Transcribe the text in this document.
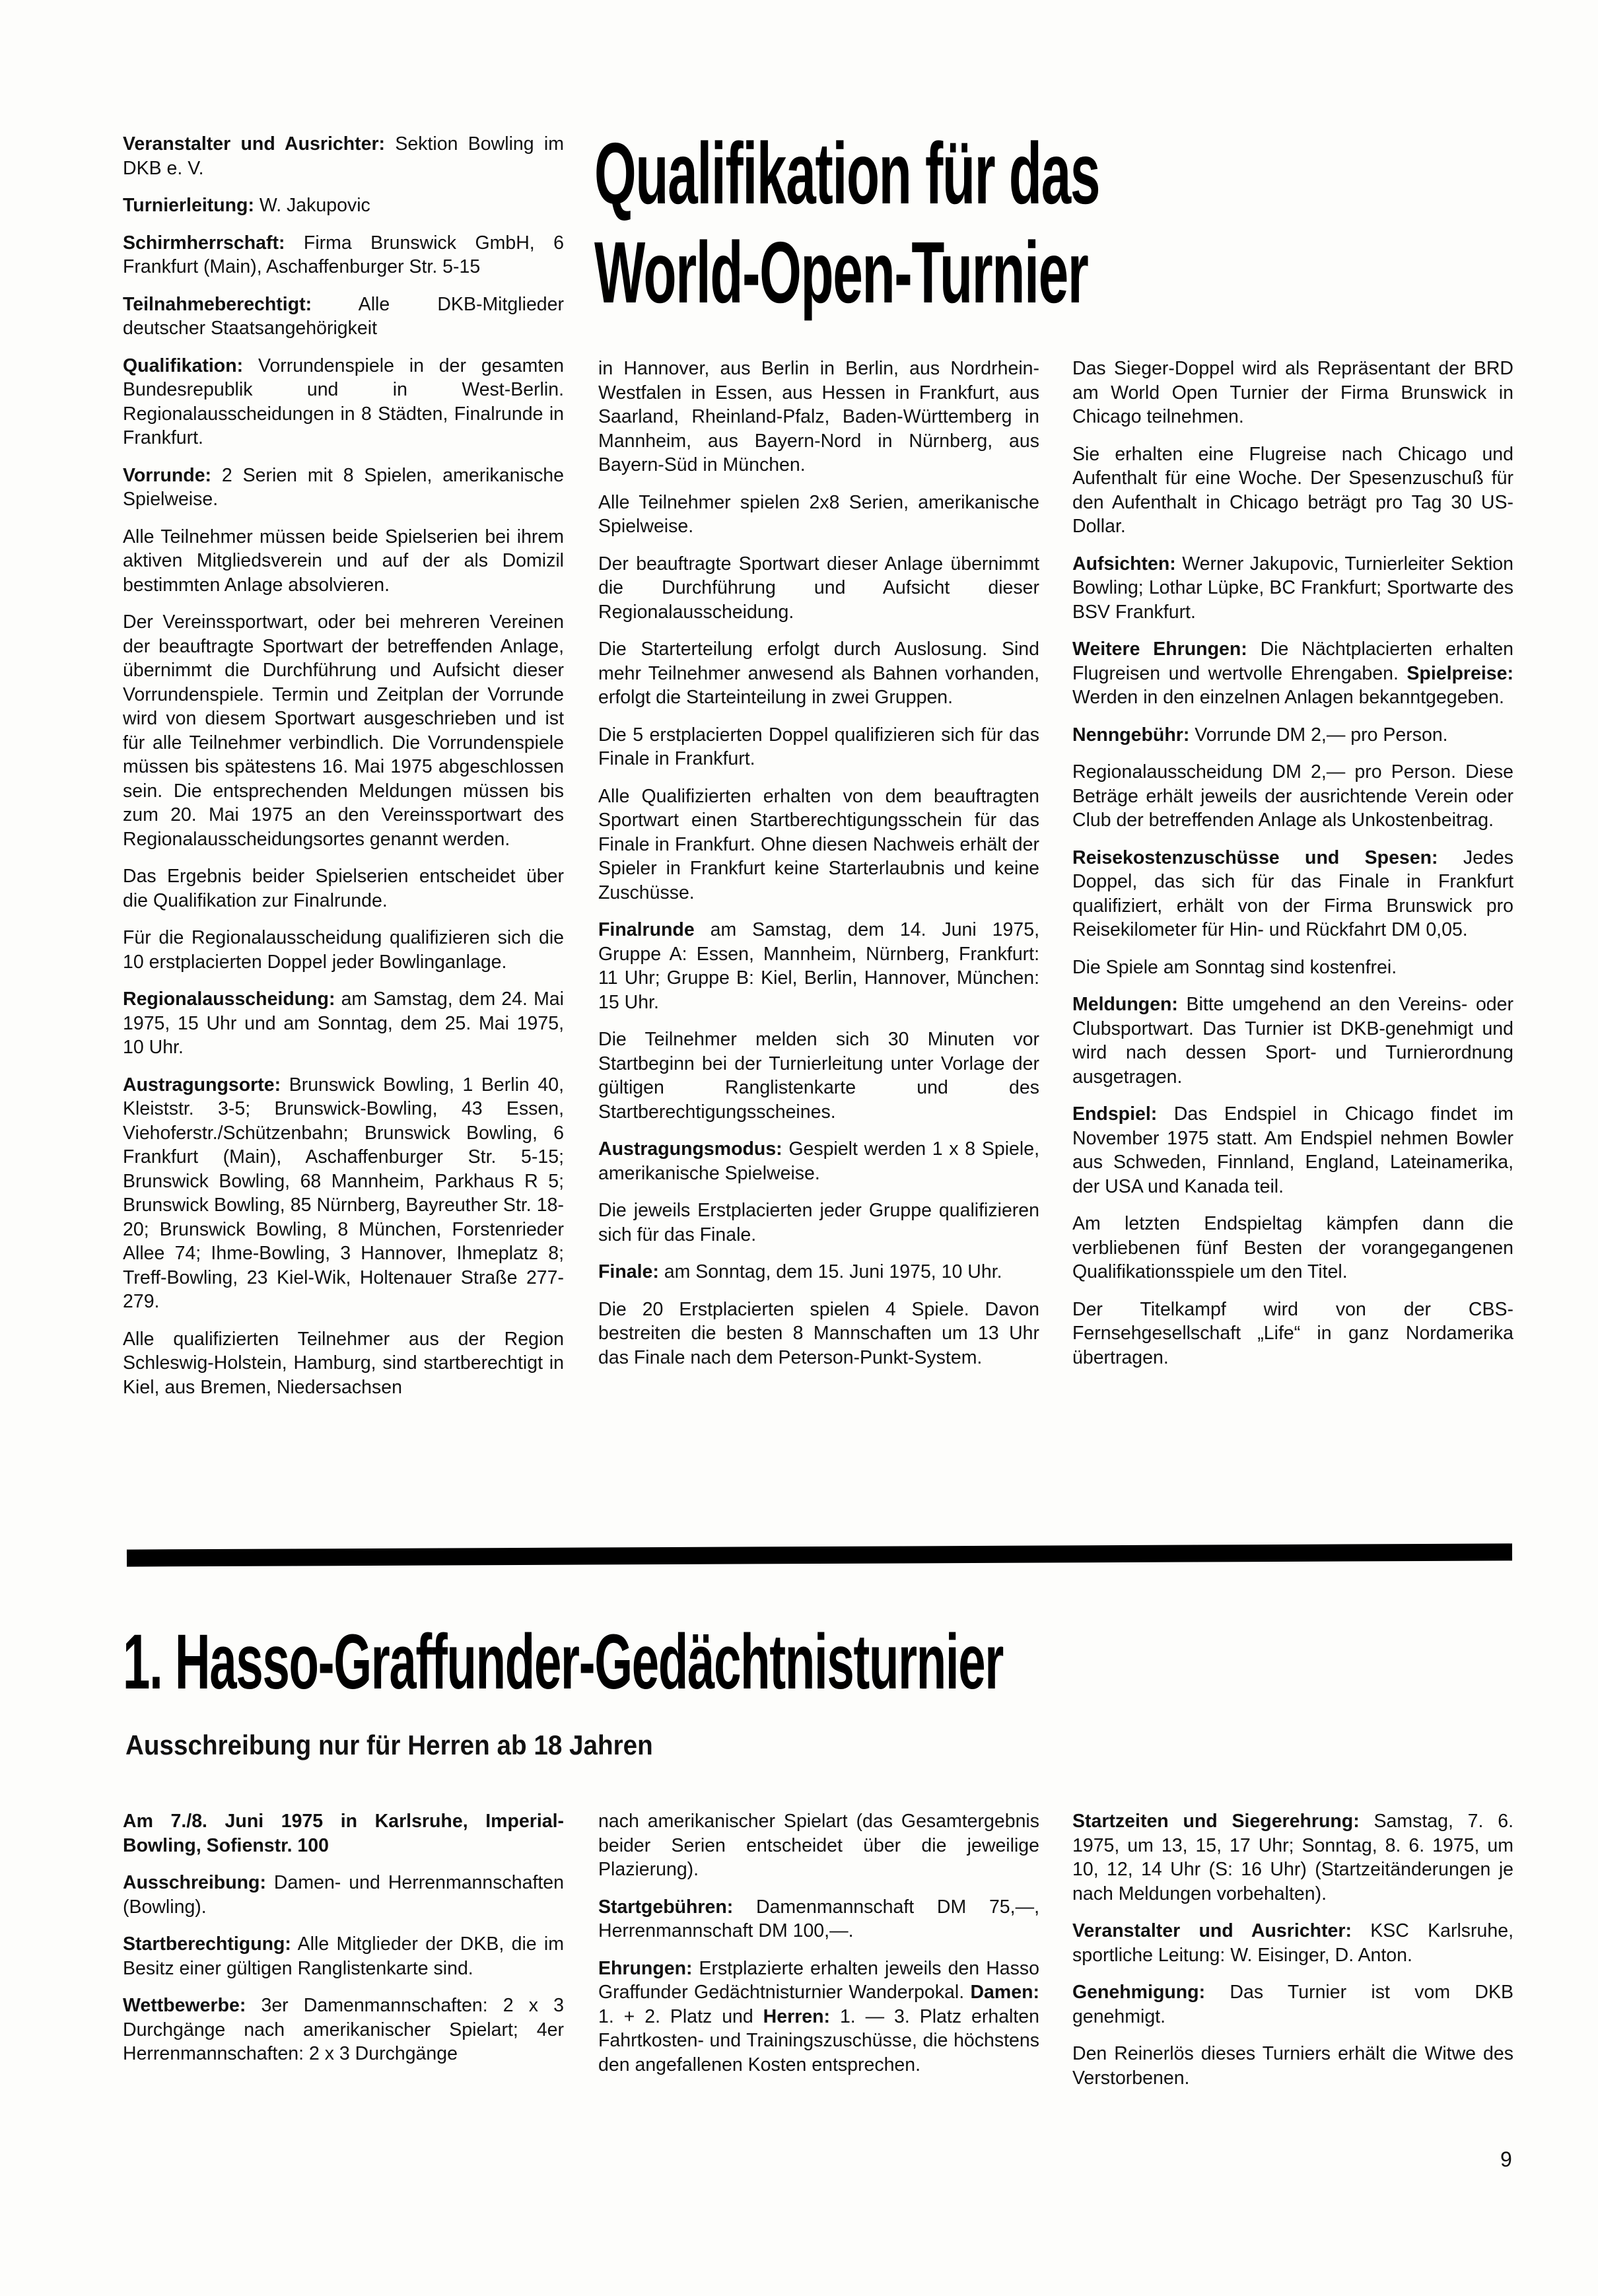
Qualifikation für das
World-Open-Turnier

Veranstalter und Ausrichter: Sektion Bowling im DKB e. V.

Turnierleitung: W. Jakupovic

Schirmherrschaft: Firma Brunswick GmbH, 6 Frankfurt (Main), Aschaffenburger Str. 5-15

Teilnahmeberechtigt: Alle DKB-Mitglieder deutscher Staatsangehörigkeit

Qualifikation: Vorrundenspiele in der gesamten Bundesrepublik und in West-Berlin. Regionalausscheidungen in 8 Städten, Finalrunde in Frankfurt.

Vorrunde: 2 Serien mit 8 Spielen, amerikanische Spielweise.

Alle Teilnehmer müssen beide Spielserien bei ihrem aktiven Mitgliedsverein und auf der als Domizil bestimmten Anlage absolvieren.

Der Vereinssportwart, oder bei mehreren Vereinen der beauftragte Sportwart der betreffenden Anlage, übernimmt die Durchführung und Aufsicht dieser Vorrundenspiele. Termin und Zeitplan der Vorrunde wird von diesem Sportwart ausgeschrieben und ist für alle Teilnehmer verbindlich. Die Vorrundenspiele müssen bis spätestens 16. Mai 1975 abgeschlossen sein. Die entsprechenden Meldungen müssen bis zum 20. Mai 1975 an den Vereinssportwart des Regionalausscheidungsortes genannt werden.

Das Ergebnis beider Spielserien entscheidet über die Qualifikation zur Finalrunde.

Für die Regionalausscheidung qualifizieren sich die 10 erstplacierten Doppel jeder Bowlinganlage.

Regionalausscheidung: am Samstag, dem 24. Mai 1975, 15 Uhr und am Sonntag, dem 25. Mai 1975, 10 Uhr.

Austragungsorte: Brunswick Bowling, 1 Berlin 40, Kleiststr. 3-5; Brunswick-Bowling, 43 Essen, Viehoferstr./Schützenbahn; Brunswick Bowling, 6 Frankfurt (Main), Aschaffenburger Str. 5-15; Brunswick Bowling, 68 Mannheim, Parkhaus R 5; Brunswick Bowling, 85 Nürnberg, Bayreuther Str. 18-20; Brunswick Bowling, 8 München, Forstenrieder Allee 74; Ihme-Bowling, 3 Hannover, Ihmeplatz 8; Treff-Bowling, 23 Kiel-Wik, Holtenauer Straße 277-279.

Alle qualifizierten Teilnehmer aus der Region Schleswig-Holstein, Hamburg, sind startberechtigt in Kiel, aus Bremen, Niedersachsen

in Hannover, aus Berlin in Berlin, aus Nordrhein-Westfalen in Essen, aus Hessen in Frankfurt, aus Saarland, Rheinland-Pfalz, Baden-Württemberg in Mannheim, aus Bayern-Nord in Nürnberg, aus Bayern-Süd in München.

Alle Teilnehmer spielen 2x8 Serien, amerikanische Spielweise.

Der beauftragte Sportwart dieser Anlage übernimmt die Durchführung und Aufsicht dieser Regionalausscheidung.

Die Starterteilung erfolgt durch Auslosung. Sind mehr Teilnehmer anwesend als Bahnen vorhanden, erfolgt die Starteinteilung in zwei Gruppen.

Die 5 erstplacierten Doppel qualifizieren sich für das Finale in Frankfurt.

Alle Qualifizierten erhalten von dem beauftragten Sportwart einen Startberechtigungsschein für das Finale in Frankfurt. Ohne diesen Nachweis erhält der Spieler in Frankfurt keine Starterlaubnis und keine Zuschüsse.

Finalrunde am Samstag, dem 14. Juni 1975, Gruppe A: Essen, Mannheim, Nürnberg, Frankfurt: 11 Uhr; Gruppe B: Kiel, Berlin, Hannover, München: 15 Uhr.

Die Teilnehmer melden sich 30 Minuten vor Startbeginn bei der Turnierleitung unter Vorlage der gültigen Ranglistenkarte und des Startberechtigungsscheines.

Austragungsmodus: Gespielt werden 1 x 8 Spiele, amerikanische Spielweise.

Die jeweils Erstplacierten jeder Gruppe qualifizieren sich für das Finale.

Finale: am Sonntag, dem 15. Juni 1975, 10 Uhr.

Die 20 Erstplacierten spielen 4 Spiele. Davon bestreiten die besten 8 Mannschaften um 13 Uhr das Finale nach dem Peterson-Punkt-System.

Das Sieger-Doppel wird als Repräsentant der BRD am World Open Turnier der Firma Brunswick in Chicago teilnehmen.

Sie erhalten eine Flugreise nach Chicago und Aufenthalt für eine Woche. Der Spesenzuschuß für den Aufenthalt in Chicago beträgt pro Tag 30 US-Dollar.

Aufsichten: Werner Jakupovic, Turnierleiter Sektion Bowling; Lothar Lüpke, BC Frankfurt; Sportwarte des BSV Frankfurt.

Weitere Ehrungen: Die Nächtplacierten erhalten Flugreisen und wertvolle Ehrengaben. Spielpreise: Werden in den einzelnen Anlagen bekanntgegeben.

Nenngebühr: Vorrunde DM 2,— pro Person.

Regionalausscheidung DM 2,— pro Person. Diese Beträge erhält jeweils der ausrichtende Verein oder Club der betreffenden Anlage als Unkostenbeitrag.

Reisekostenzuschüsse und Spesen: Jedes Doppel, das sich für das Finale in Frankfurt qualifiziert, erhält von der Firma Brunswick pro Reisekilometer für Hin- und Rückfahrt DM 0,05.

Die Spiele am Sonntag sind kostenfrei.

Meldungen: Bitte umgehend an den Vereins- oder Clubsportwart. Das Turnier ist DKB-genehmigt und wird nach dessen Sport- und Turnierordnung ausgetragen.

Endspiel: Das Endspiel in Chicago findet im November 1975 statt. Am Endspiel nehmen Bowler aus Schweden, Finnland, England, Lateinamerika, der USA und Kanada teil.

Am letzten Endspieltag kämpfen dann die verbliebenen fünf Besten der vorangegangenen Qualifikationsspiele um den Titel.

Der Titelkampf wird von der CBS-Fernsehgesellschaft „Life“ in ganz Nordamerika übertragen.

1. Hasso-Graffunder-Gedächtnisturnier
Ausschreibung nur für Herren ab 18 Jahren

Am 7./8. Juni 1975 in Karlsruhe, Imperial-Bowling, Sofienstr. 100

Ausschreibung: Damen- und Herrenmannschaften (Bowling).

Startberechtigung: Alle Mitglieder der DKB, die im Besitz einer gültigen Ranglistenkarte sind.

Wettbewerbe: 3er Damenmannschaften: 2 x 3 Durchgänge nach amerikanischer Spielart; 4er Herrenmannschaften: 2 x 3 Durchgänge

nach amerikanischer Spielart (das Gesamtergebnis beider Serien entscheidet über die jeweilige Plazierung).

Startgebühren: Damenmannschaft DM 75,—, Herrenmannschaft DM 100,—.

Ehrungen: Erstplazierte erhalten jeweils den Hasso Graffunder Gedächtnisturnier Wanderpokal. Damen: 1. + 2. Platz und Herren: 1. — 3. Platz erhalten Fahrtkosten- und Trainingszuschüsse, die höchstens den angefallenen Kosten entsprechen.

Startzeiten und Siegerehrung: Samstag, 7. 6. 1975, um 13, 15, 17 Uhr; Sonntag, 8. 6. 1975, um 10, 12, 14 Uhr (S: 16 Uhr) (Startzeitänderungen je nach Meldungen vorbehalten).

Veranstalter und Ausrichter: KSC Karlsruhe, sportliche Leitung: W. Eisinger, D. Anton.

Genehmigung: Das Turnier ist vom DKB genehmigt.

Den Reinerlös dieses Turniers erhält die Witwe des Verstorbenen.

9
